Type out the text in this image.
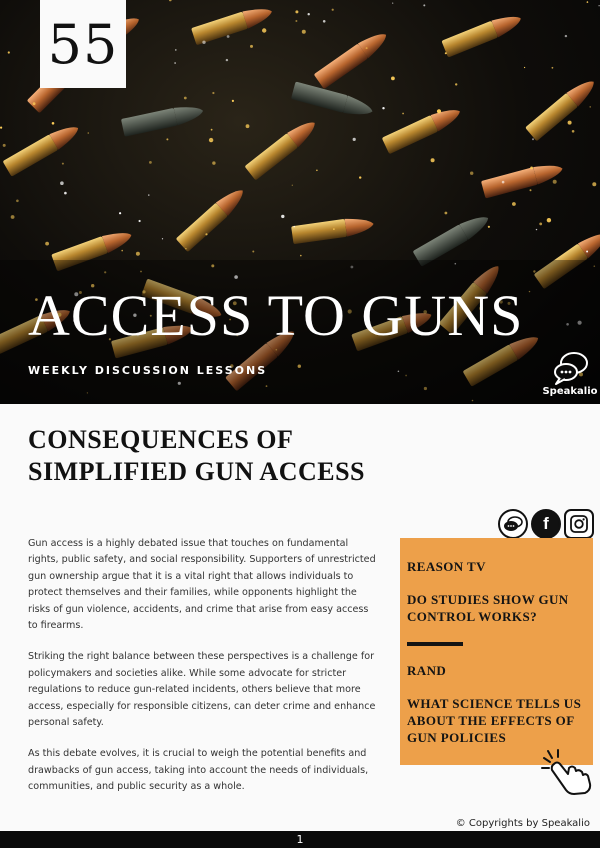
55
ACCESS TO GUNS
WEEKLY DISCUSSION LESSONS
Speakalio
CONSEQUENCES OF SIMPLIFIED GUN ACCESS

Gun access is a highly debated issue that touches on fundamental rights, public safety, and social responsibility. Supporters of unrestricted gun ownership argue that it is a vital right that allows individuals to protect themselves and their families, while opponents highlight the risks of gun violence, accidents, and crime that arise from easy access to firearms.

Striking the right balance between these perspectives is a challenge for policymakers and societies alike. While some advocate for stricter regulations to reduce gun-related incidents, others believe that more access, especially for responsible citizens, can deter crime and enhance personal safety.

As this debate evolves, it is crucial to weigh the potential benefits and drawbacks of gun access, taking into account the needs of individuals, communities, and public security as a whole.

f
REASON TV
DO STUDIES SHOW GUN CONTROL WORKS?
RAND
WHAT SCIENCE TELLS US ABOUT THE EFFECTS OF GUN POLICIES
© Copyrights by Speakalio
1
